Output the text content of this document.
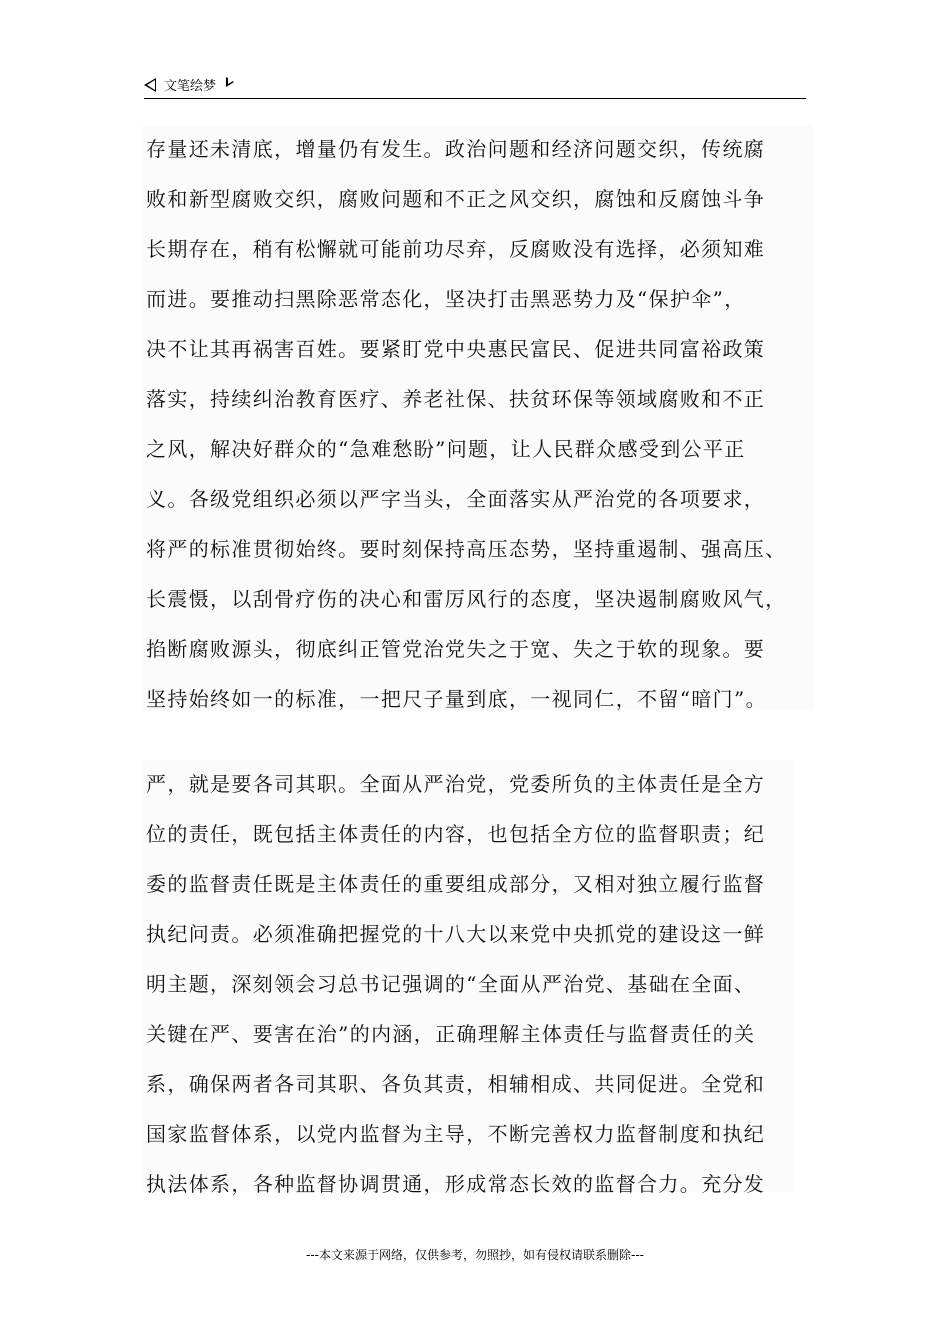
文笔绘梦
存量还未清底，增量仍有发生。政治问题和经济问题交织，传统腐
败和新型腐败交织，腐败问题和不正之风交织，腐蚀和反腐蚀斗争
长期存在，稍有松懈就可能前功尽弃，反腐败没有选择，必须知难
而进。要推动扫黑除恶常态化，坚决打击黑恶势力及“保护伞”，
决不让其再祸害百姓。要紧盯党中央惠民富民、促进共同富裕政策
落实，持续纠治教育医疗、养老社保、扶贫环保等领域腐败和不正
之风，解决好群众的“急难愁盼”问题，让人民群众感受到公平正
义。各级党组织必须以严字当头，全面落实从严治党的各项要求，
将严的标准贯彻始终。要时刻保持高压态势，坚持重遏制、强高压、
长震慑，以刮骨疗伤的决心和雷厉风行的态度，坚决遏制腐败风气，
掐断腐败源头，彻底纠正管党治党失之于宽、失之于软的现象。要
坚持始终如一的标准，一把尺子量到底，一视同仁，不留“暗门”。
严，就是要各司其职。全面从严治党，党委所负的主体责任是全方
位的责任，既包括主体责任的内容，也包括全方位的监督职责；纪
委的监督责任既是主体责任的重要组成部分，又相对独立履行监督
执纪问责。必须准确把握党的十八大以来党中央抓党的建设这一鲜
明主题，深刻领会习总书记强调的“全面从严治党、基础在全面、
关键在严、要害在治”的内涵，正确理解主体责任与监督责任的关
系，确保两者各司其职、各负其责，相辅相成、共同促进。全党和
国家监督体系，以党内监督为主导，不断完善权力监督制度和执纪
执法体系，各种监督协调贯通，形成常态长效的监督合力。充分发
---本文来源于网络，仅供参考，勿照抄，如有侵权请联系删除---
